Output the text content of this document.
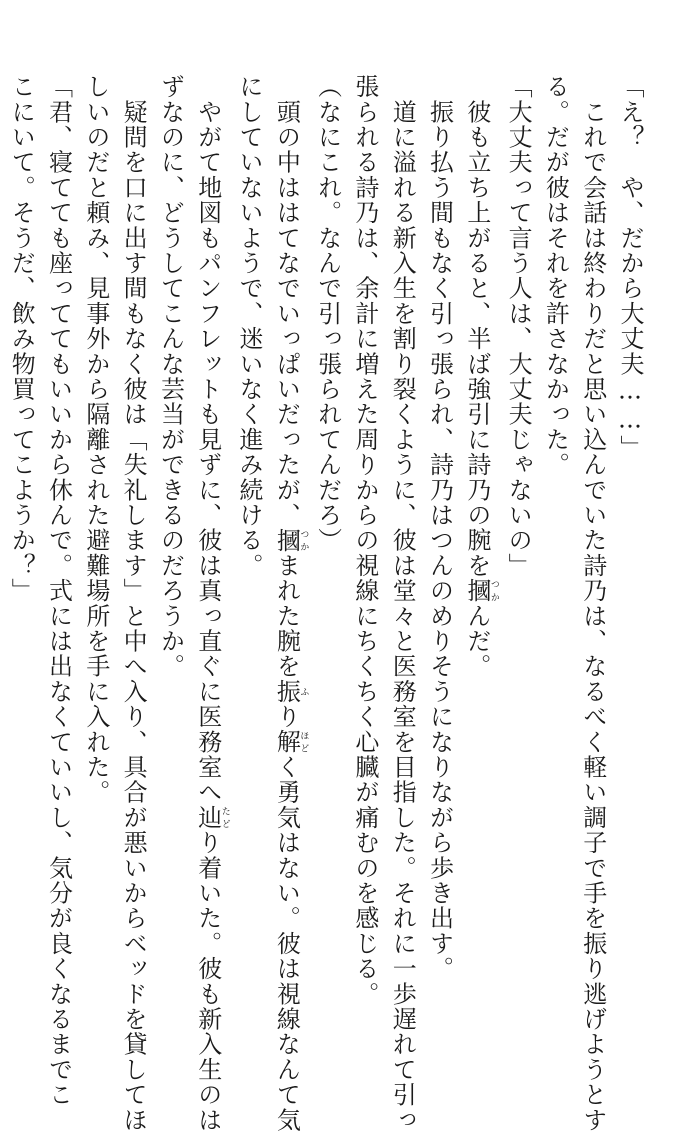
「え？　や、だから大丈夫……」
　これで会話は終わりだと思い込んでいた詩乃は、なるべく軽い調子で手を振り逃げようとす
る。だが彼はそれを許さなかった。
「大丈夫って言う人は、大丈夫じゃないの」
　彼も立ち上がると、半ば強引に詩乃の腕を摑つかんだ。
　振り払う間もなく引っ張られ、詩乃はつんのめりそうになりながら歩き出す。
　道に溢れる新入生を割り裂くように、彼は堂々と医務室を目指した。それに一歩遅れて引っ
張られる詩乃は、余計に増えた周りからの視線にちくちく心臓が痛むのを感じる。
（なにこれ。なんで引っ張られてんだろ）
　頭の中ははてなでいっぱいだったが、摑つかまれた腕を振ふり解ほどく勇気はない。彼は視線なんて気
にしていないようで、迷いなく進み続ける。
　やがて地図もパンフレットも見ずに、彼は真っ直ぐに医務室へ辿たどり着いた。彼も新入生のは
ずなのに、どうしてこんな芸当ができるのだろうか。
　疑問を口に出す間もなく彼は「失礼します」と中へ入り、具合が悪いからベッドを貸してほ
しいのだと頼み、見事外から隔離された避難場所を手に入れた。
「君、寝てても座っててもいいから休んで。式には出なくていいし、気分が良くなるまでこ
こにいて。そうだ、飲み物買ってこようか？」
